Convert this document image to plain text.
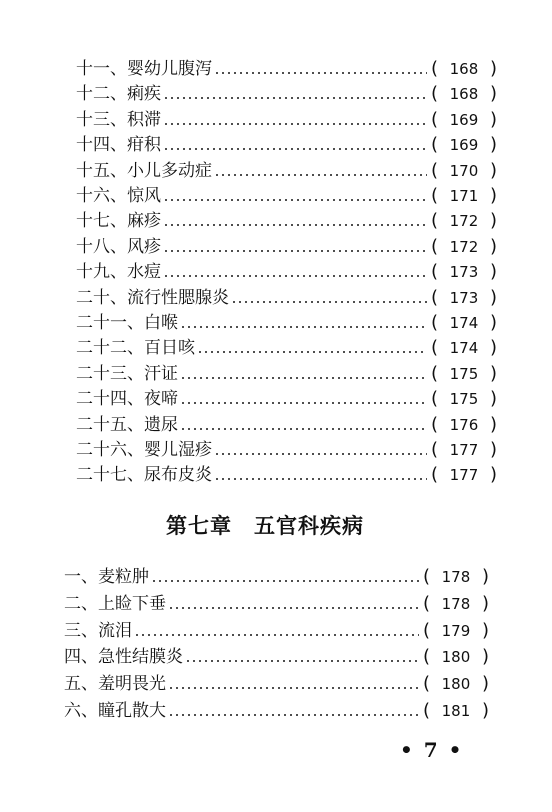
十一、 婴幼儿腹泻	( 168 )
十二、 痢疾	( 168 )
十三、 积滞	( 169 )
十四、 疳积	( 169 )
十五、 小儿多动症	( 170 )
十六、 惊风	( 171 )
十七、 麻疹	( 172 )
十八、 风疹	( 172 )
十九、 水痘	( 173 )
二十、 流行性腮腺炎	( 173 )
二十一、 白喉	( 174 )
二十二、 百日咳	( 174 )
二十三、 汗证	( 175 )
二十四、 夜啼	( 175 )
二十五、 遗尿	( 176 )
二十六、 婴儿湿疹	( 177 )
二十七、 尿布皮炎	( 177 )
第七章 五官科疾病
一、 麦粒肿	( 178 )
二、 上睑下垂	( 178 )
三、 流泪	( 179 )
四、 急性结膜炎	( 180 )
五、 羞明畏光	( 180 )
六、 瞳孔散大	( 181 )
• 7 •
